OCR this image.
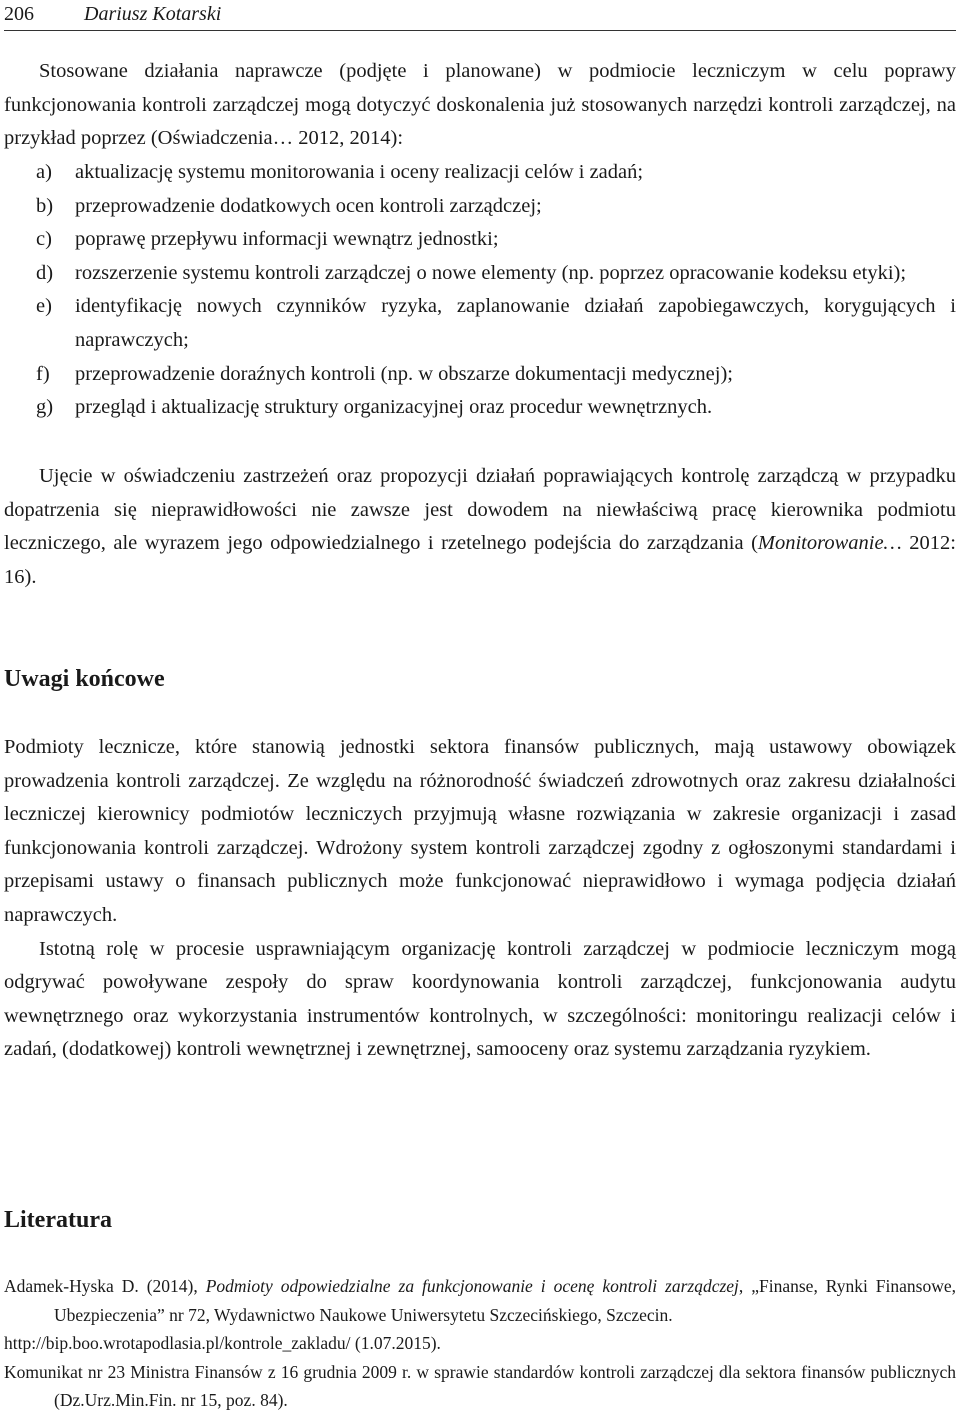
206	Dariusz Kotarski

Stosowane działania naprawcze (podjęte i planowane) w podmiocie leczniczym w celu poprawy funkcjonowania kontroli zarządczej mogą dotyczyć doskonalenia już stosowanych narzędzi kontroli zarządczej, na przykład poprzez (Oświadczenia… 2012, 2014):

a) aktualizację systemu monitorowania i oceny realizacji celów i zadań;
b) przeprowadzenie dodatkowych ocen kontroli zarządczej;
c) poprawę przepływu informacji wewnątrz jednostki;
d) rozszerzenie systemu kontroli zarządczej o nowe elementy (np. poprzez opracowanie kodeksu etyki);
e) identyfikację nowych czynników ryzyka, zaplanowanie działań zapobiegawczych, korygujących i naprawczych;
f) przeprowadzenie doraźnych kontroli (np. w obszarze dokumentacji medycznej);
g) przegląd i aktualizację struktury organizacyjnej oraz procedur wewnętrznych.

Ujęcie w oświadczeniu zastrzeżeń oraz propozycji działań poprawiających kontrolę zarządczą w przypadku dopatrzenia się nieprawidłowości nie zawsze jest dowodem na niewłaściwą pracę kierownika podmiotu leczniczego, ale wyrazem jego odpowiedzialnego i rzetelnego podejścia do zarządzania (Monitorowanie… 2012: 16).

Uwagi końcowe

Podmioty lecznicze, które stanowią jednostki sektora finansów publicznych, mają ustawowy obowiązek prowadzenia kontroli zarządczej. Ze względu na różnorodność świadczeń zdrowotnych oraz zakresu działalności leczniczej kierownicy podmiotów leczniczych przyjmują własne rozwiązania w zakresie organizacji i zasad funkcjonowania kontroli zarządczej. Wdrożony system kontroli zarządczej zgodny z ogłoszonymi standardami i przepisami ustawy o finansach publicznych może funkcjonować nieprawidłowo i wymaga podjęcia działań naprawczych.

Istotną rolę w procesie usprawniającym organizację kontroli zarządczej w podmiocie leczniczym mogą odgrywać powoływane zespoły do spraw koordynowania kontroli zarządczej, funkcjonowania audytu wewnętrznego oraz wykorzystania instrumentów kontrolnych, w szczególności: monitoringu realizacji celów i zadań, (dodatkowej) kontroli wewnętrznej i zewnętrznej, samooceny oraz systemu zarządzania ryzykiem.

Literatura

Adamek-Hyska D. (2014), Podmioty odpowiedzialne za funkcjonowanie i ocenę kontroli zarządczej, „Finanse, Rynki Finansowe, Ubezpieczenia” nr 72, Wydawnictwo Naukowe Uniwersytetu Szczecińskiego, Szczecin.

http://bip.boo.wrotapodlasia.pl/kontrole_zakladu/ (1.07.2015).

Komunikat nr 23 Ministra Finansów z 16 grudnia 2009 r. w sprawie standardów kontroli zarządczej dla sektora finansów publicznych (Dz.Urz.Min.Fin. nr 15, poz. 84).
